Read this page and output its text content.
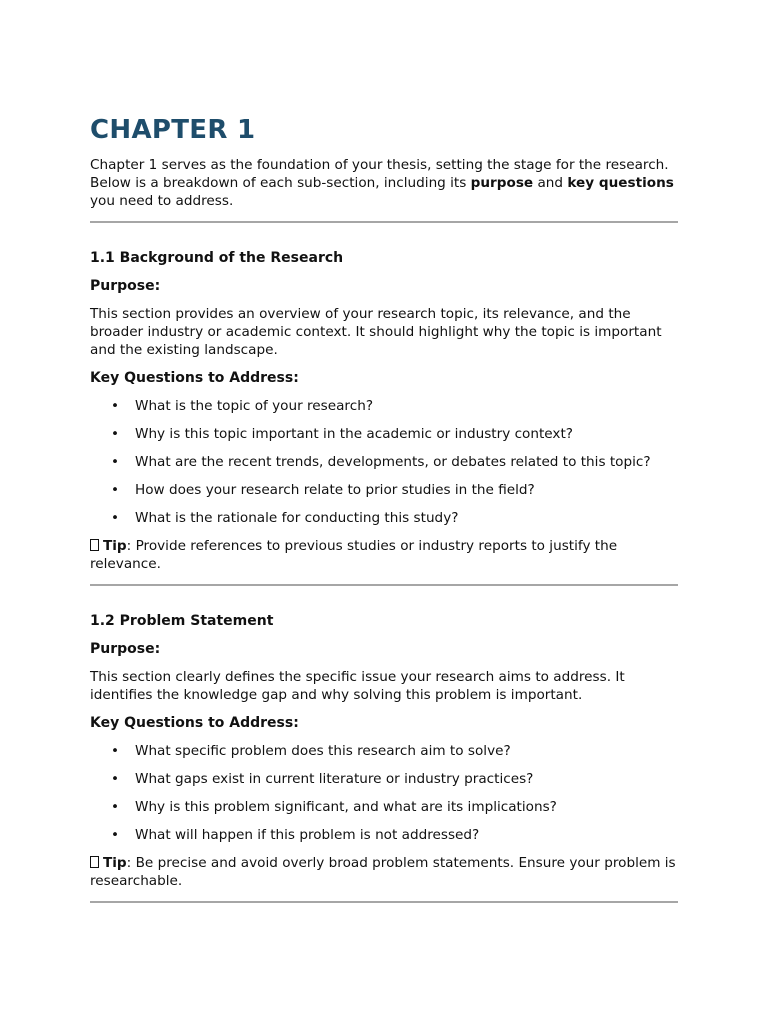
CHAPTER 1

Chapter 1 serves as the foundation of your thesis, setting the stage for the research. Below is a breakdown of each sub-section, including its purpose and key questions you need to address.

1.1 Background of the Research
Purpose:

This section provides an overview of your research topic, its relevance, and the broader industry or academic context. It should highlight why the topic is important and the existing landscape.

Key Questions to Address:
• What is the topic of your research?
• Why is this topic important in the academic or industry context?
• What are the recent trends, developments, or debates related to this topic?
• How does your research relate to prior studies in the field?
• What is the rationale for conducting this study?

Tip: Provide references to previous studies or industry reports to justify the relevance.

1.2 Problem Statement
Purpose:

This section clearly defines the specific issue your research aims to address. It identifies the knowledge gap and why solving this problem is important.

Key Questions to Address:
• What specific problem does this research aim to solve?
• What gaps exist in current literature or industry practices?
• Why is this problem significant, and what are its implications?
• What will happen if this problem is not addressed?

Tip: Be precise and avoid overly broad problem statements. Ensure your problem is researchable.
